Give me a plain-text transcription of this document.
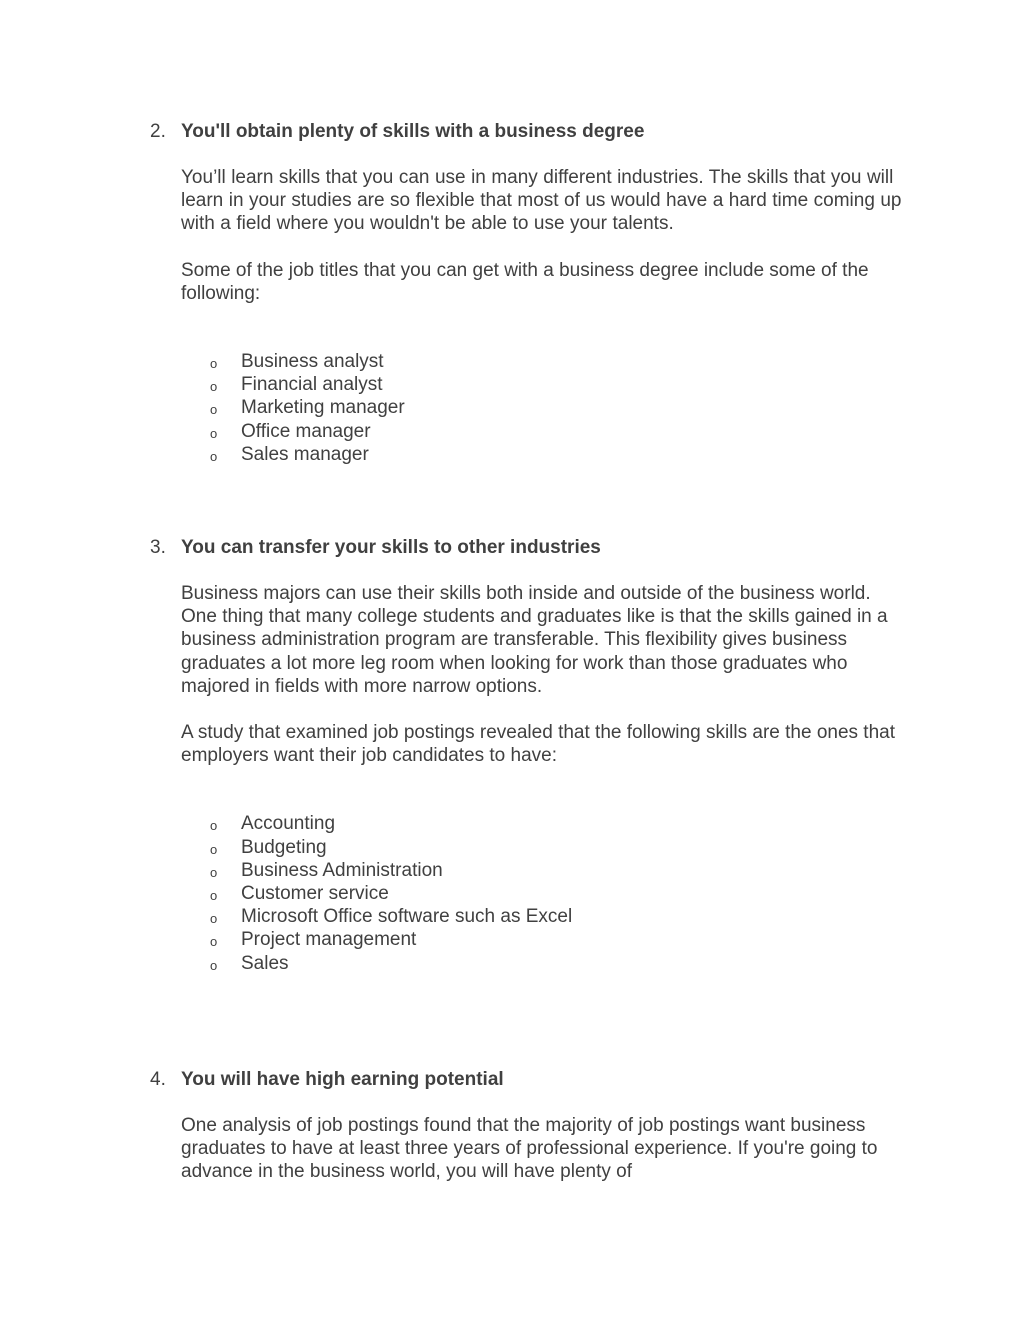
2. You'll obtain plenty of skills with a business degree

You’ll learn skills that you can use in many different industries. The skills that you will learn in your studies are so flexible that most of us would have a hard time coming up with a field where you wouldn't be able to use your talents.

Some of the job titles that you can get with a business degree include some of the following:

o Business analyst
o Financial analyst
o Marketing manager
o Office manager
o Sales manager
3. You can transfer your skills to other industries

Business majors can use their skills both inside and outside of the business world. One thing that many college students and graduates like is that the skills gained in a business administration program are transferable. This flexibility gives business graduates a lot more leg room when looking for work than those graduates who majored in fields with more narrow options.

A study that examined job postings revealed that the following skills are the ones that employers want their job candidates to have:

o Accounting
o Budgeting
o Business Administration
o Customer service
o Microsoft Office software such as Excel
o Project management
o Sales
4. You will have high earning potential

One analysis of job postings found that the majority of job postings want business graduates to have at least three years of professional experience. If you're going to advance in the business world, you will have plenty of
